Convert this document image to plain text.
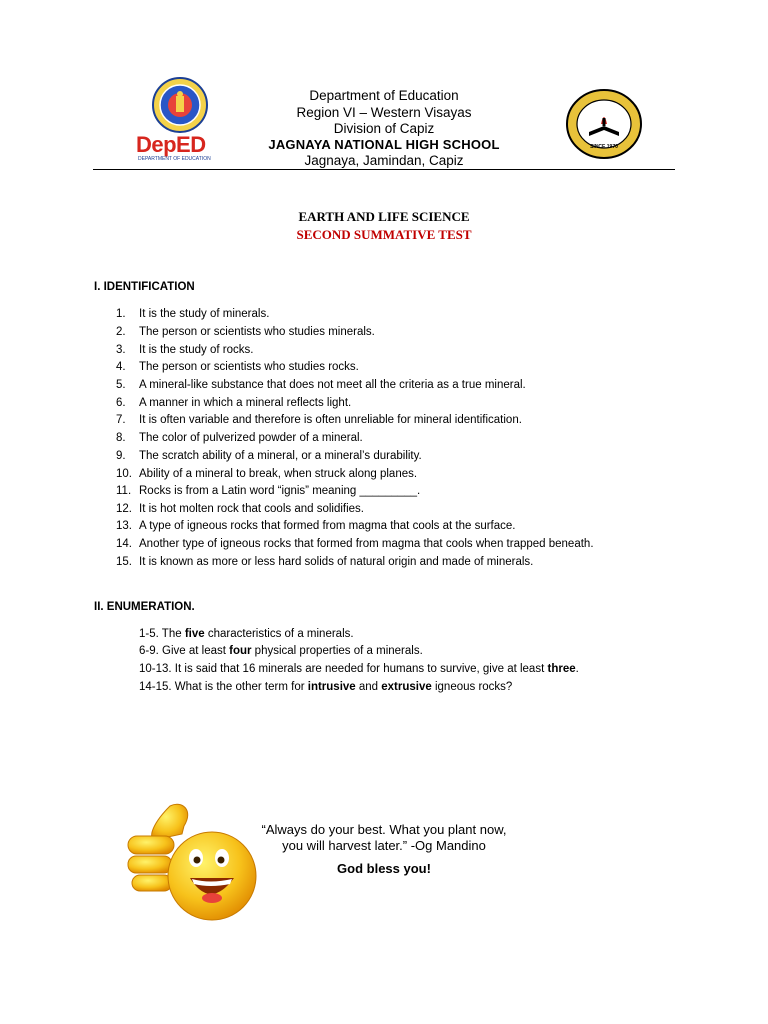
DepED
DEPARTMENT OF EDUCATION
Department of Education
Region VI – Western Visayas
Division of Capiz
JAGNAYA NATIONAL HIGH SCHOOL
Jagnaya, Jamindan, Capiz
SINCE 1970
EARTH AND LIFE SCIENCE
SECOND SUMMATIVE TEST
I. IDENTIFICATION
1. It is the study of minerals.
2. The person or scientists who studies minerals.
3. It is the study of rocks.
4. The person or scientists who studies rocks.
5. A mineral-like substance that does not meet all the criteria as a true mineral.
6. A manner in which a mineral reflects light.
7. It is often variable and therefore is often unreliable for mineral identification.
8. The color of pulverized powder of a mineral.
9. The scratch ability of a mineral, or a mineral’s durability.
10. Ability of a mineral to break, when struck along planes.
11. Rocks is from a Latin word “ignis” meaning _________.
12. It is hot molten rock that cools and solidifies.
13. A type of igneous rocks that formed from magma that cools at the surface.
14. Another type of igneous rocks that formed from magma that cools when trapped beneath.
15. It is known as more or less hard solids of natural origin and made of minerals.
II. ENUMERATION.
1-5. The five characteristics of a minerals.
6-9. Give at least four physical properties of a minerals.
10-13. It is said that 16 minerals are needed for humans to survive, give at least three.
14-15. What is the other term for intrusive and extrusive igneous rocks?
“Always do your best. What you plant now,
you will harvest later.” -Og Mandino
God bless you!
